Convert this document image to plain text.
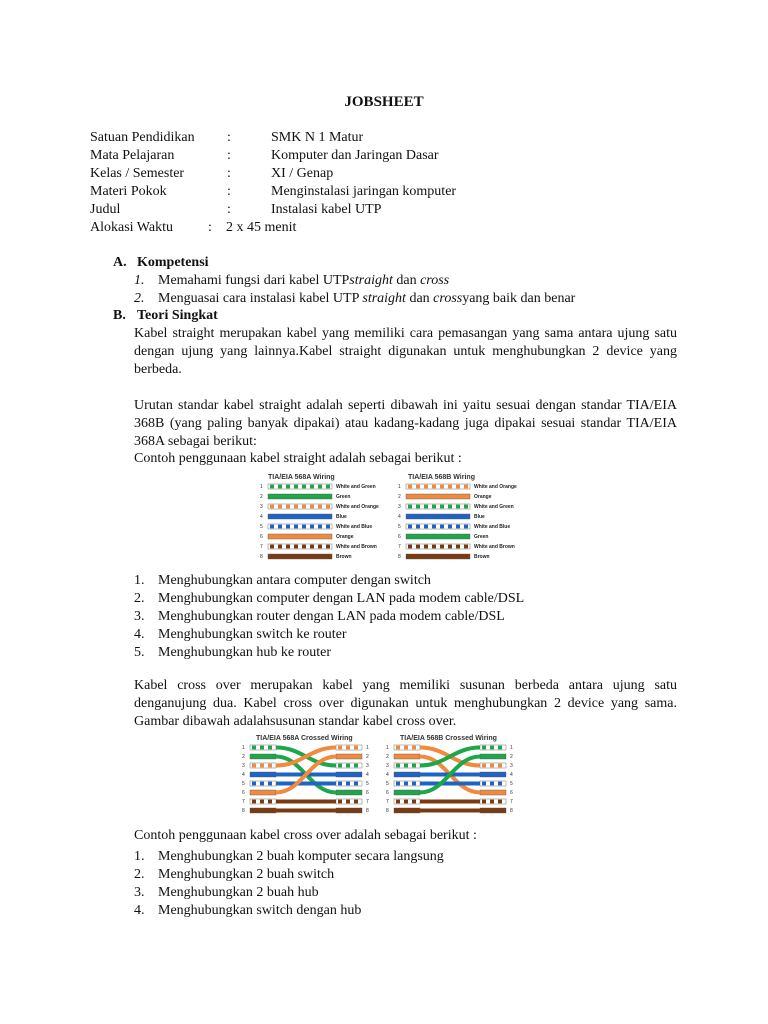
JOBSHEET
Satuan Pendidikan :	SMK N 1 Matur
Mata Pelajaran	:	Komputer dan Jaringan Dasar
Kelas / Semester	:	XI / Genap
Materi Pokok	:	Menginstalasi jaringan komputer
Judul	:	Instalasi kabel UTP
Alokasi Waktu	: 2 x 45 menit
A. Kompetensi
1. Memahami fungsi dari kabel UTPstraight dan cross
2. Menguasai cara instalasi kabel UTP straight dan crossyang baik dan benar
B. Teori Singkat
Kabel straight merupakan kabel yang memiliki cara pemasangan yang sama antara ujung satu dengan ujung yang lainnya.Kabel straight digunakan untuk menghubungkan 2 device yang berbeda.
Urutan standar kabel straight adalah seperti dibawah ini yaitu sesuai dengan standar TIA/EIA 368B (yang paling banyak dipakai) atau kadang-kadang juga dipakai sesuai standar TIA/EIA 368A sebagai berikut:
Contoh penggunaan kabel straight adalah sebagai berikut :
TIA/EIA 568A Wiring	TIA/EIA 568B Wiring
1	White and Green
2	Green
3	White and Orange
4	Blue
5	White and Blue
6	Orange
7	White and Brown
8	Brown
1	White and Orange
2	Orange
3	White and Green
4	Blue
5	White and Blue
6	Green
7	White and Brown
8	Brown
1. Menghubungkan antara computer dengan switch
2. Menghubungkan computer dengan LAN pada modem cable/DSL
3. Menghubungkan router dengan LAN pada modem cable/DSL
4. Menghubungkan switch ke router
5. Menghubungkan hub ke router
Kabel cross over merupakan kabel yang memiliki susunan berbeda antara ujung satu denganujung dua. Kabel cross over digunakan untuk menghubungkan 2 device yang sama. Gambar dibawah adalahsusunan standar kabel cross over.
TIA/EIA 568A Crossed Wiring	TIA/EIA 568B Crossed Wiring
1	1
2	2
3	3
4	4
5	5
6	6
7	7
8	8
1	1
2	2
3	3
4	4
5	5
6	6
7	7
8	8
Contoh penggunaan kabel cross over adalah sebagai berikut :
1. Menghubungkan 2 buah komputer secara langsung
2. Menghubungkan 2 buah switch
3. Menghubungkan 2 buah hub
4. Menghubungkan switch dengan hub
